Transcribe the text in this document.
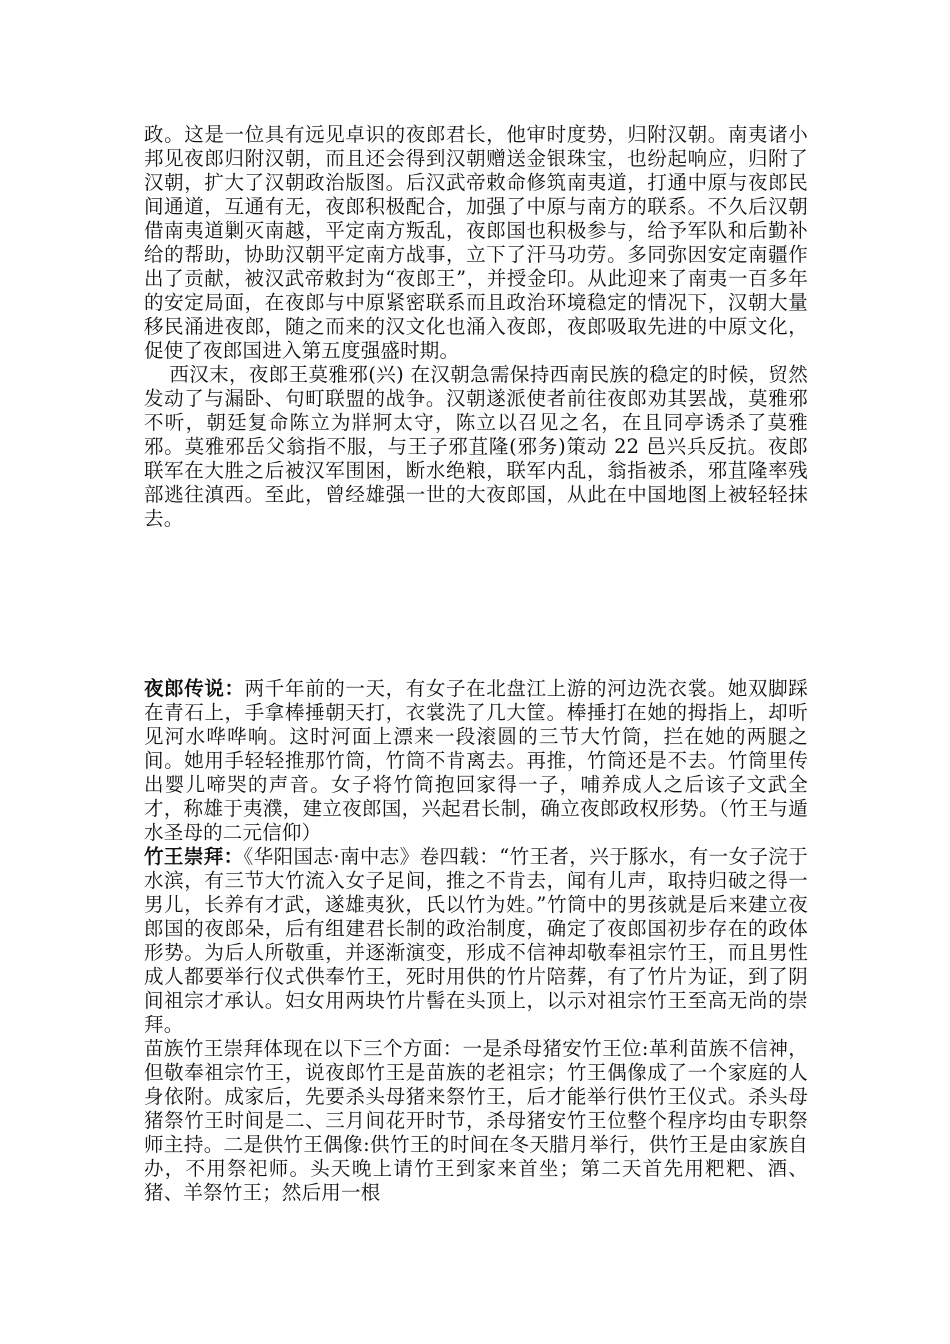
政。这是一位具有远见卓识的夜郎君长，他审时度势，归附汉朝。南夷诸小邦见夜郎归附汉朝，而且还会得到汉朝赠送金银珠宝，也纷起响应，归附了汉朝，扩大了汉朝政治版图。后汉武帝敕命修筑南夷道，打通中原与夜郎民间通道，互通有无，夜郎积极配合，加强了中原与南方的联系。不久后汉朝借南夷道剿灭南越，平定南方叛乱，夜郎国也积极参与，给予军队和后勤补给的帮助，协助汉朝平定南方战事，立下了汗马功劳。多同弥因安定南疆作出了贡献，被汉武帝敕封为“夜郎王”，并授金印。从此迎来了南夷一百多年的安定局面，在夜郎与中原紧密联系而且政治环境稳定的情况下，汉朝大量移民涌进夜郎，随之而来的汉文化也涌入夜郎，夜郎吸取先进的中原文化，促使了夜郎国进入第五度强盛时期。

西汉末，夜郎王莫雅邪(兴) 在汉朝急需保持西南民族的稳定的时候，贸然发动了与漏卧、句町联盟的战争。汉朝遂派使者前往夜郎劝其罢战，莫雅邪不听，朝廷复命陈立为牂牁太守，陈立以召见之名，在且同亭诱杀了莫雅邪。莫雅邪岳父翁指不服，与王子邪苴隆(邪务)策动 22 邑兴兵反抗。夜郎联军在大胜之后被汉军围困，断水绝粮，联军内乱，翁指被杀，邪苴隆率残部逃往滇西。至此，曾经雄强一世的大夜郎国，从此在中国地图上被轻轻抹去。

夜郎传说：两千年前的一天，有女子在北盘江上游的河边洗衣裳。她双脚踩在青石上，手拿棒捶朝天打，衣裳洗了几大筐。棒捶打在她的拇指上，却听见河水哗哗响。这时河面上漂来一段滚圆的三节大竹筒，拦在她的两腿之间。她用手轻轻推那竹筒，竹筒不肯离去。再推，竹筒还是不去。竹筒里传出婴儿啼哭的声音。女子将竹筒抱回家得一子，哺养成人之后该子文武全才，称雄于夷濮，建立夜郎国，兴起君长制，确立夜郎政权形势。（竹王与遁水圣母的二元信仰）

竹王崇拜：《华阳国志·南中志》卷四载：“竹王者，兴于豚水，有一女子浣于水滨，有三节大竹流入女子足间，推之不肯去，闻有儿声，取持归破之得一男儿，长养有才武，遂雄夷狄，氏以竹为姓。”竹筒中的男孩就是后来建立夜郎国的夜郎朵，后有组建君长制的政治制度，确定了夜郎国初步存在的政体形势。为后人所敬重，并逐渐演变，形成不信神却敬奉祖宗竹王，而且男性成人都要举行仪式供奉竹王，死时用供的竹片陪葬，有了竹片为证，到了阴间祖宗才承认。妇女用两块竹片髻在头顶上，以示对祖宗竹王至高无尚的崇拜。

苗族竹王崇拜体现在以下三个方面：一是杀母猪安竹王位:革利苗族不信神，但敬奉祖宗竹王，说夜郎竹王是苗族的老祖宗；竹王偶像成了一个家庭的人身依附。成家后，先要杀头母猪来祭竹王，后才能举行供竹王仪式。杀头母猪祭竹王时间是二、三月间花开时节，杀母猪安竹王位整个程序均由专职祭师主持。二是供竹王偶像:供竹王的时间在冬天腊月举行，供竹王是由家族自办，不用祭祀师。头天晚上请竹王到家来首坐；第二天首先用粑粑、酒、猪、羊祭竹王；然后用一根
